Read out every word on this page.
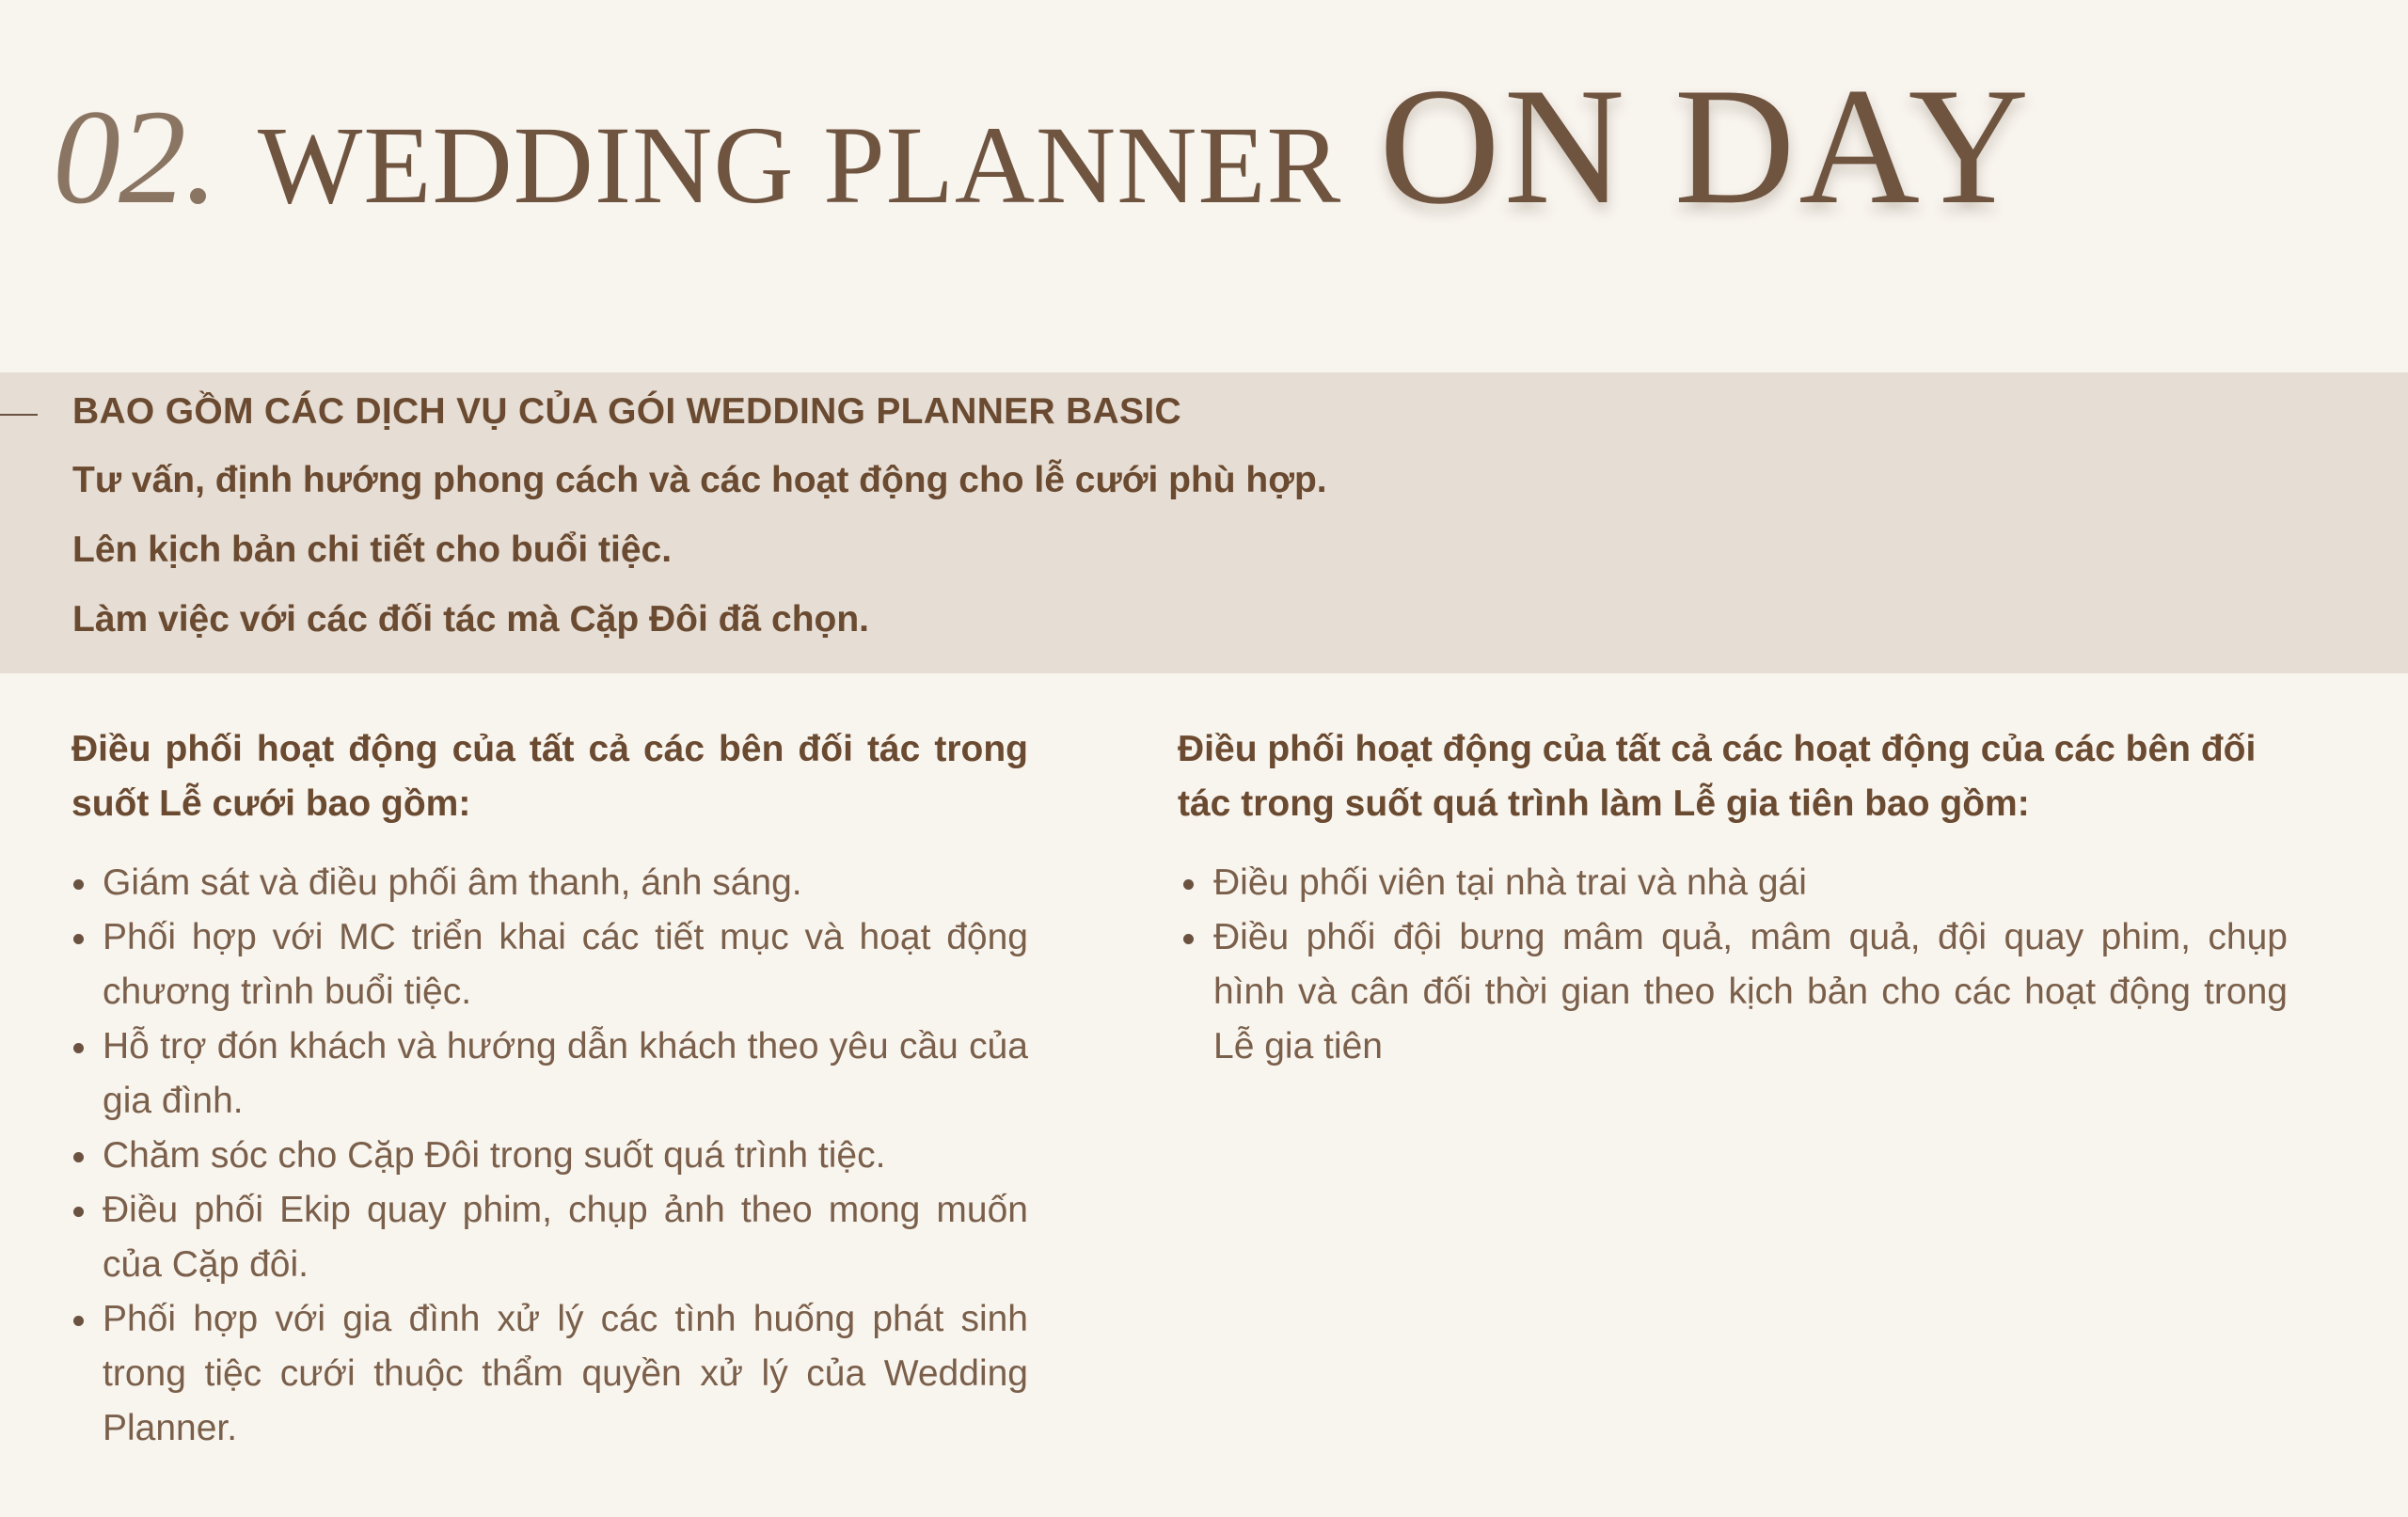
02. WEDDING PLANNER ON DAY
BAO GỒM CÁC DỊCH VỤ CỦA GÓI WEDDING PLANNER BASIC
Tư vấn, định hướng phong cách và các hoạt động cho lễ cưới phù hợp.
Lên kịch bản chi tiết cho buổi tiệc.
Làm việc với các đối tác mà Cặp Đôi đã chọn.

Điều phối hoạt động của tất cả các bên đối tác trong suốt Lễ cưới bao gồm:

Giám sát và điều phối âm thanh, ánh sáng.
Phối hợp với MC triển khai các tiết mục và hoạt động chương trình buổi tiệc.
Hỗ trợ đón khách và hướng dẫn khách theo yêu cầu của gia đình.
Chăm sóc cho Cặp Đôi trong suốt quá trình tiệc.
Điều phối Ekip quay phim, chụp ảnh theo mong muốn của Cặp đôi.
Phối hợp với gia đình xử lý các tình huống phát sinh trong tiệc cưới thuộc thẩm quyền xử lý của Wedding Planner.

Điều phối hoạt động của tất cả các hoạt động của các bên đối tác trong suốt quá trình làm Lễ gia tiên bao gồm:

Điều phối viên tại nhà trai và nhà gái
Điều phối đội bưng mâm quả, mâm quả, đội quay phim, chụp hình và cân đối thời gian theo kịch bản cho các hoạt động trong Lễ gia tiên
